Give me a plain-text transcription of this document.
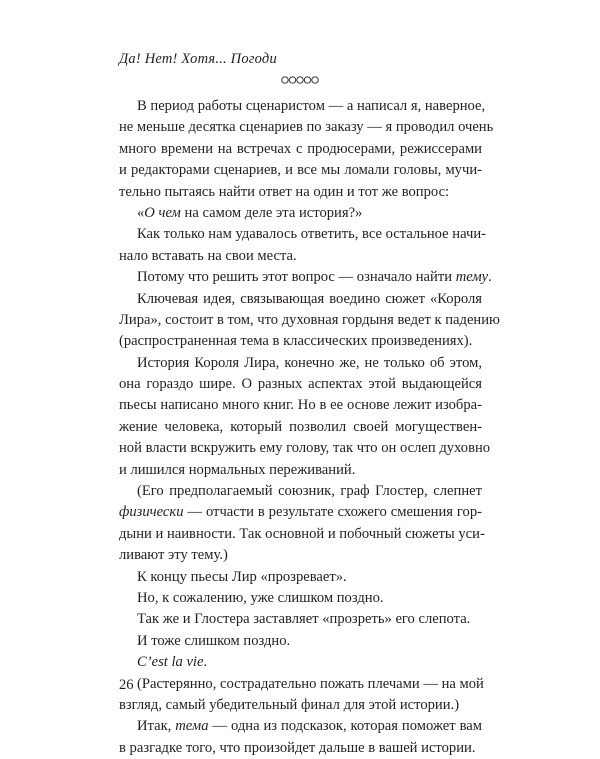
Да! Нет! Хотя... Погоди
В период работы сценаристом — а написал я, наверное,
не меньше десятка сценариев по заказу — я проводил очень
много времени на встречах с продюсерами, режиссерами
и редакторами сценариев, и все мы ломали головы, мучи-
тельно пытаясь найти ответ на один и тот же вопрос:
«О чем на самом деле эта история?»
Как только нам удавалось ответить, все остальное начи-
нало вставать на свои места.
Потому что решить этот вопрос — означало найти тему.
Ключевая идея, связывающая воедино сюжет «Короля
Лира», состоит в том, что духовная гордыня ведет к падению
(распространенная тема в классических произведениях).
История Короля Лира, конечно же, не только об этом,
она гораздо шире. О разных аспектах этой выдающейся
пьесы написано много книг. Но в ее основе лежит изобра-
жение человека, который позволил своей могуществен-
ной власти вскружить ему голову, так что он ослеп духовно
и лишился нормальных переживаний.
(Его предполагаемый союзник, граф Глостер, слепнет
физически — отчасти в результате схожего смешения гор-
дыни и наивности. Так основной и побочный сюжеты уси-
ливают эту тему.)
К концу пьесы Лир «прозревает».
Но, к сожалению, уже слишком поздно.
Так же и Глостера заставляет «прозреть» его слепота.
И тоже слишком поздно.
C’est la vie.
(Растерянно, сострадательно пожать плечами — на мой
взгляд, самый убедительный финал для этой истории.)
Итак, тема — одна из подсказок, которая поможет вам
в разгадке того, что произойдет дальше в вашей истории.
26
